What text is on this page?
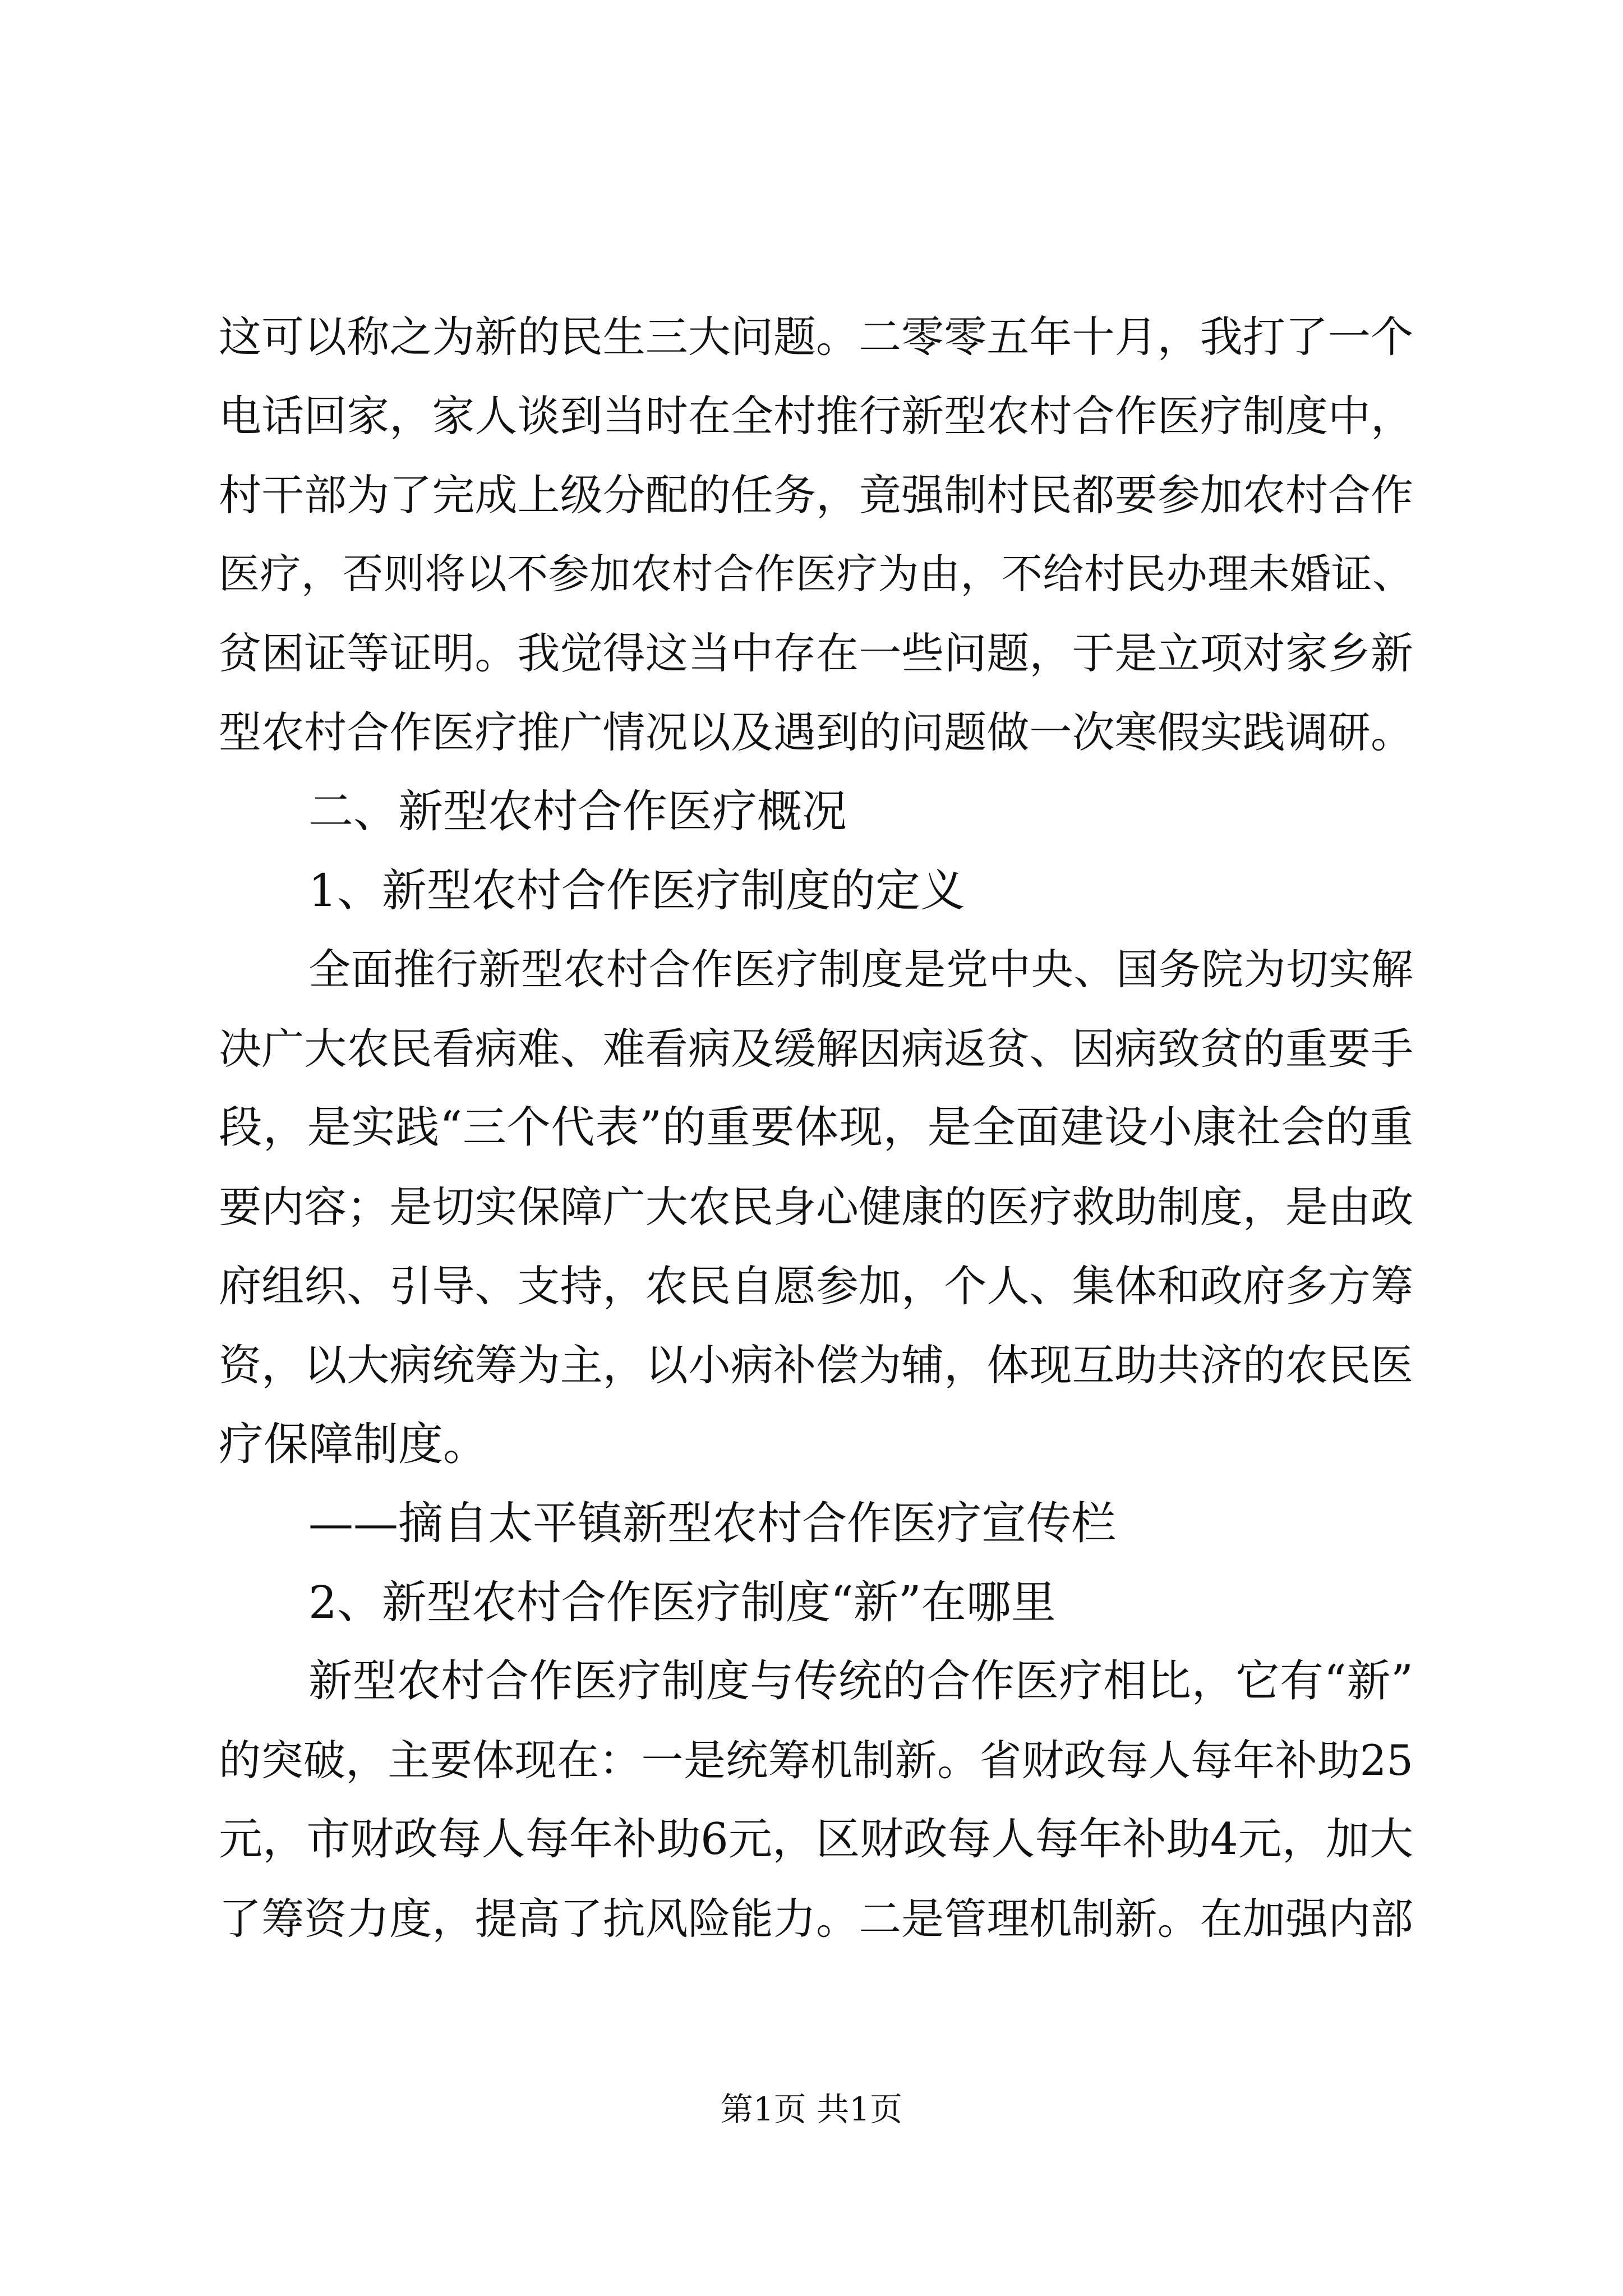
这可以称之为新的民生三大问题。二零零五年十月，我打了一个
电话回家，家人谈到当时在全村推行新型农村合作医疗制度中，
村干部为了完成上级分配的任务，竟强制村民都要参加农村合作
医疗，否则将以不参加农村合作医疗为由，不给村民办理未婚证、
贫困证等证明。我觉得这当中存在一些问题，于是立项对家乡新
型农村合作医疗推广情况以及遇到的问题做一次寒假实践调研。
二、新型农村合作医疗概况
1、新型农村合作医疗制度的定义
全面推行新型农村合作医疗制度是党中央、国务院为切实解
决广大农民看病难、难看病及缓解因病返贫、因病致贫的重要手
段，是实践“三个代表”的重要体现，是全面建设小康社会的重
要内容；是切实保障广大农民身心健康的医疗救助制度，是由政
府组织、引导、支持，农民自愿参加，个人、集体和政府多方筹
资，以大病统筹为主，以小病补偿为辅，体现互助共济的农民医
疗保障制度。
——摘自太平镇新型农村合作医疗宣传栏
2、新型农村合作医疗制度“新”在哪里
新型农村合作医疗制度与传统的合作医疗相比，它有“新”
的突破，主要体现在：一是统筹机制新。省财政每人每年补助25
元，市财政每人每年补助6元，区财政每人每年补助4元，加大
了筹资力度，提高了抗风险能力。二是管理机制新。在加强内部
第1页 共1页
